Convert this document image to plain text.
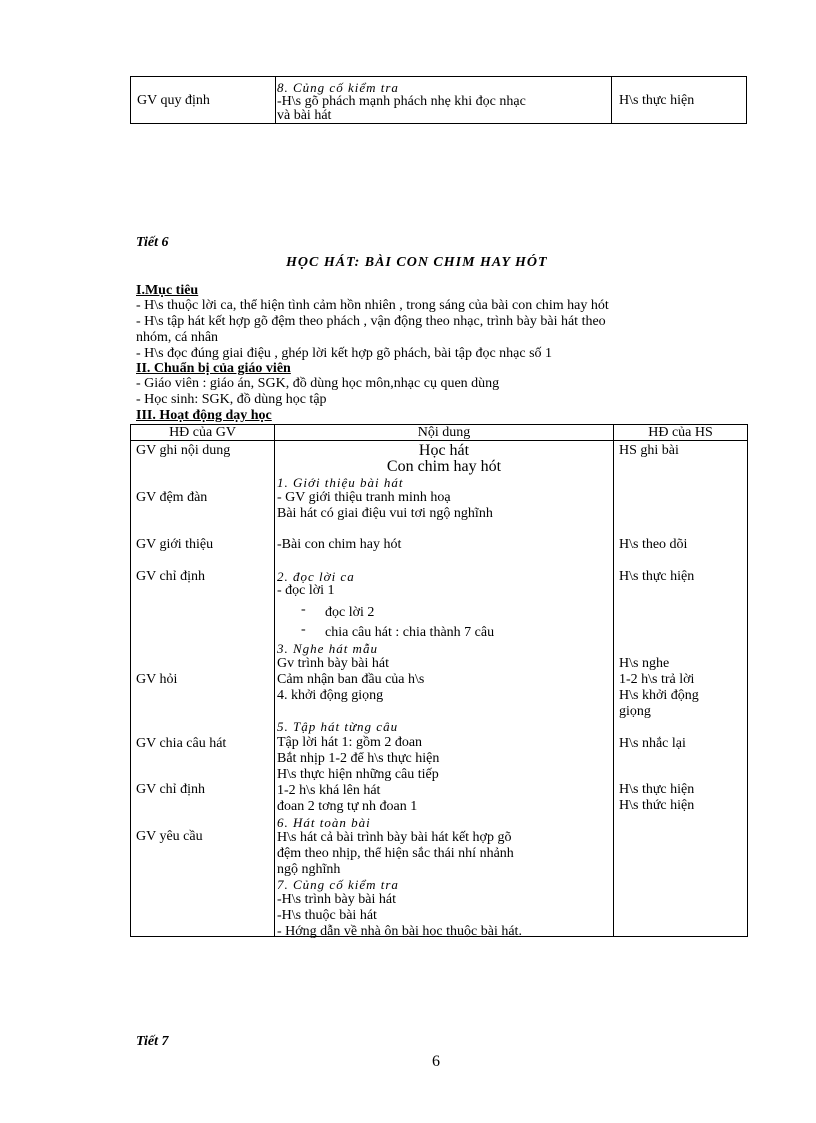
GV quy định
8. Củng cố kiểm tra
-H\s gõ phách mạnh phách nhẹ khi đọc nhạc
và bài hát
H\s thực hiện
Tiết 6
HỌC HÁT: BÀI CON CHIM HAY HÓT
I.Mục tiêu
- H\s thuộc lời ca, thể hiện tình cảm hồn nhiên , trong sáng của bài con chim hay hót
- H\s tập hát kết hợp gõ đệm theo phách , vận động theo nhạc, trình bày bài hát theo
nhóm, cá nhân
- H\s đọc đúng giai điệu , ghép lời kết hợp gõ phách, bài tập đọc nhạc số 1
II. Chuẩn bị của giáo viên
- Giáo viên : giáo án, SGK, đồ dùng học môn,nhạc cụ quen dùng
- Học sinh: SGK, đồ dùng học tập
III. Hoạt động dạy học
HĐ của GV	Nội dung	HĐ của HS
GV ghi nội dung
GV đệm đàn
GV giới thiệu
GV chỉ định
GV hỏi
GV chia câu hát
GV chỉ định
GV yêu cầu
Học hát
Con chim hay hót
1. Giới thiệu bài hát
- GV giới thiệu tranh minh hoạ
Bài hát có giai điệu vui tơi ngộ nghĩnh
-Bài con chim hay hót
2. đọc lời ca
- đọc lời 1
- đọc lời 2
- chia câu hát : chia thành 7 câu
3. Nghe hát mẫu
Gv trình bày bài hát
Cảm nhận ban đầu của h\s
4. khởi động giọng
5. Tập hát từng câu
Tập lời hát 1: gồm 2 đoan
Bắt nhịp 1-2 để h\s thực hiện
H\s thực hiện những câu tiếp
1-2 h\s khá lên hát
đoan 2 tơng tự nh đoan 1
6. Hát toàn bài
H\s hát cả bài trình bày bài hát kết hợp gõ
đệm theo nhịp, thể hiện sắc thái nhí nhảnh
ngộ nghĩnh
7. Củng cố kiểm tra
-H\s trình bày bài hát
-H\s thuộc bài hát
- Hớng dẫn về nhà ôn bài học thuộc bài hát.
HS ghi bài
H\s theo dõi
H\s thực hiện
H\s nghe
1-2 h\s trả lời
H\s khởi động
giọng
H\s nhắc lại
H\s thực hiện
H\s thức hiện
Tiết 7
6
